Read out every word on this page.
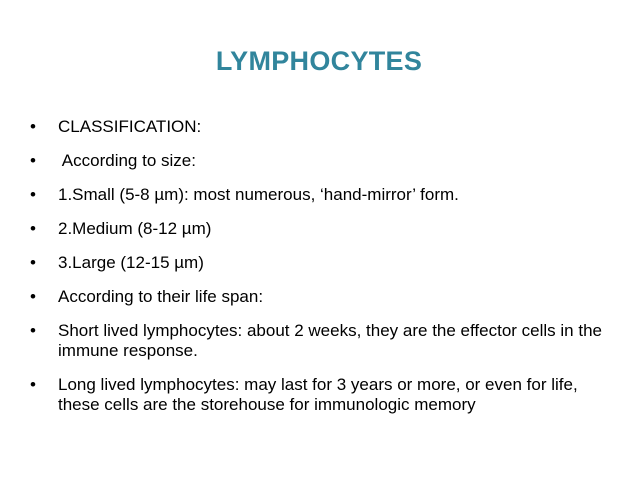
LYMPHOCYTES
•	CLASSIFICATION:
•	According to size:
•	1.Small (5-8 µm): most numerous, ‘hand-mirror’ form.
•	2.Medium (8-12 µm)
•	3.Large (12-15 µm)
•	According to their life span:
•	Short lived lymphocytes: about 2 weeks, they are the effector cells in the immune response.
•	Long lived lymphocytes: may last for 3 years or more, or even for life, these cells are the storehouse for immunologic memory
